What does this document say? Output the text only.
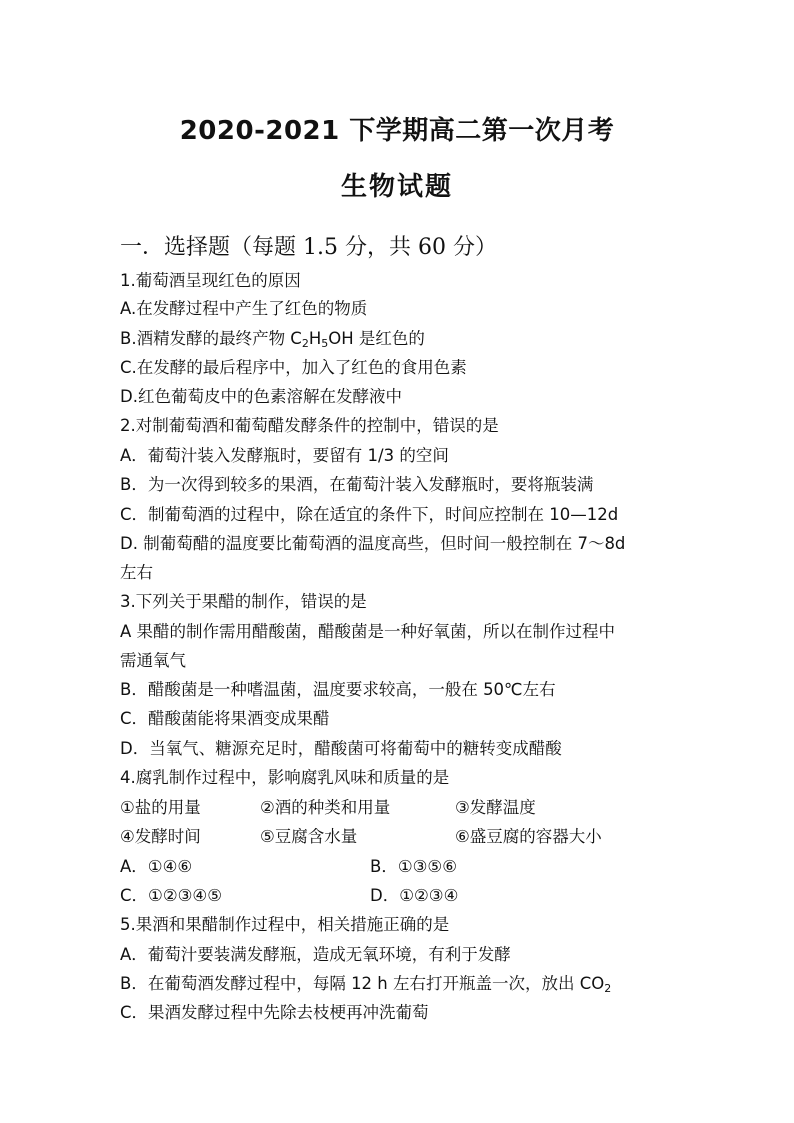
2020-2021 下学期高二第一次月考
生物试题
一．选择题（每题 1.5 分，共 60 分）
1.葡萄酒呈现红色的原因
A.在发酵过程中产生了红色的物质
B.酒精发酵的最终产物 $C_2H_5OH$ 是红色的
C.在发酵的最后程序中，加入了红色的食用色素
D.红色葡萄皮中的色素溶解在发酵液中
2.对制葡萄酒和葡萄醋发酵条件的控制中，错误的是
A．葡萄汁装入发酵瓶时，要留有 1/3 的空间
B．为一次得到较多的果酒，在葡萄汁装入发酵瓶时，要将瓶装满
C．制葡萄酒的过程中，除在适宜的条件下，时间应控制在 10—12d
D. 制葡萄醋的温度要比葡萄酒的温度高些，但时间一般控制在 7～8d
左右
3.下列关于果醋的制作，错误的是
A 果醋的制作需用醋酸菌，醋酸菌是一种好氧菌，所以在制作过程中
需通氧气
B．醋酸菌是一种嗜温菌，温度要求较高，一般在 50℃左右
C．醋酸菌能将果酒变成果醋
D．当氧气、糖源充足时，醋酸菌可将葡萄中的糖转变成醋酸
4.腐乳制作过程中，影响腐乳风味和质量的是
①盐的用量	②酒的种类和用量	③发酵温度
④发酵时间	⑤豆腐含水量	⑥盛豆腐的容器大小
A．①④⑥	B．①③⑤⑥
C．①②③④⑤	D．①②③④
5.果酒和果醋制作过程中，相关措施正确的是
A．葡萄汁要装满发酵瓶，造成无氧环境，有利于发酵
B．在葡萄酒发酵过程中，每隔 12 h 左右打开瓶盖一次，放出 $CO_2$
C．果酒发酵过程中先除去枝梗再冲洗葡萄
